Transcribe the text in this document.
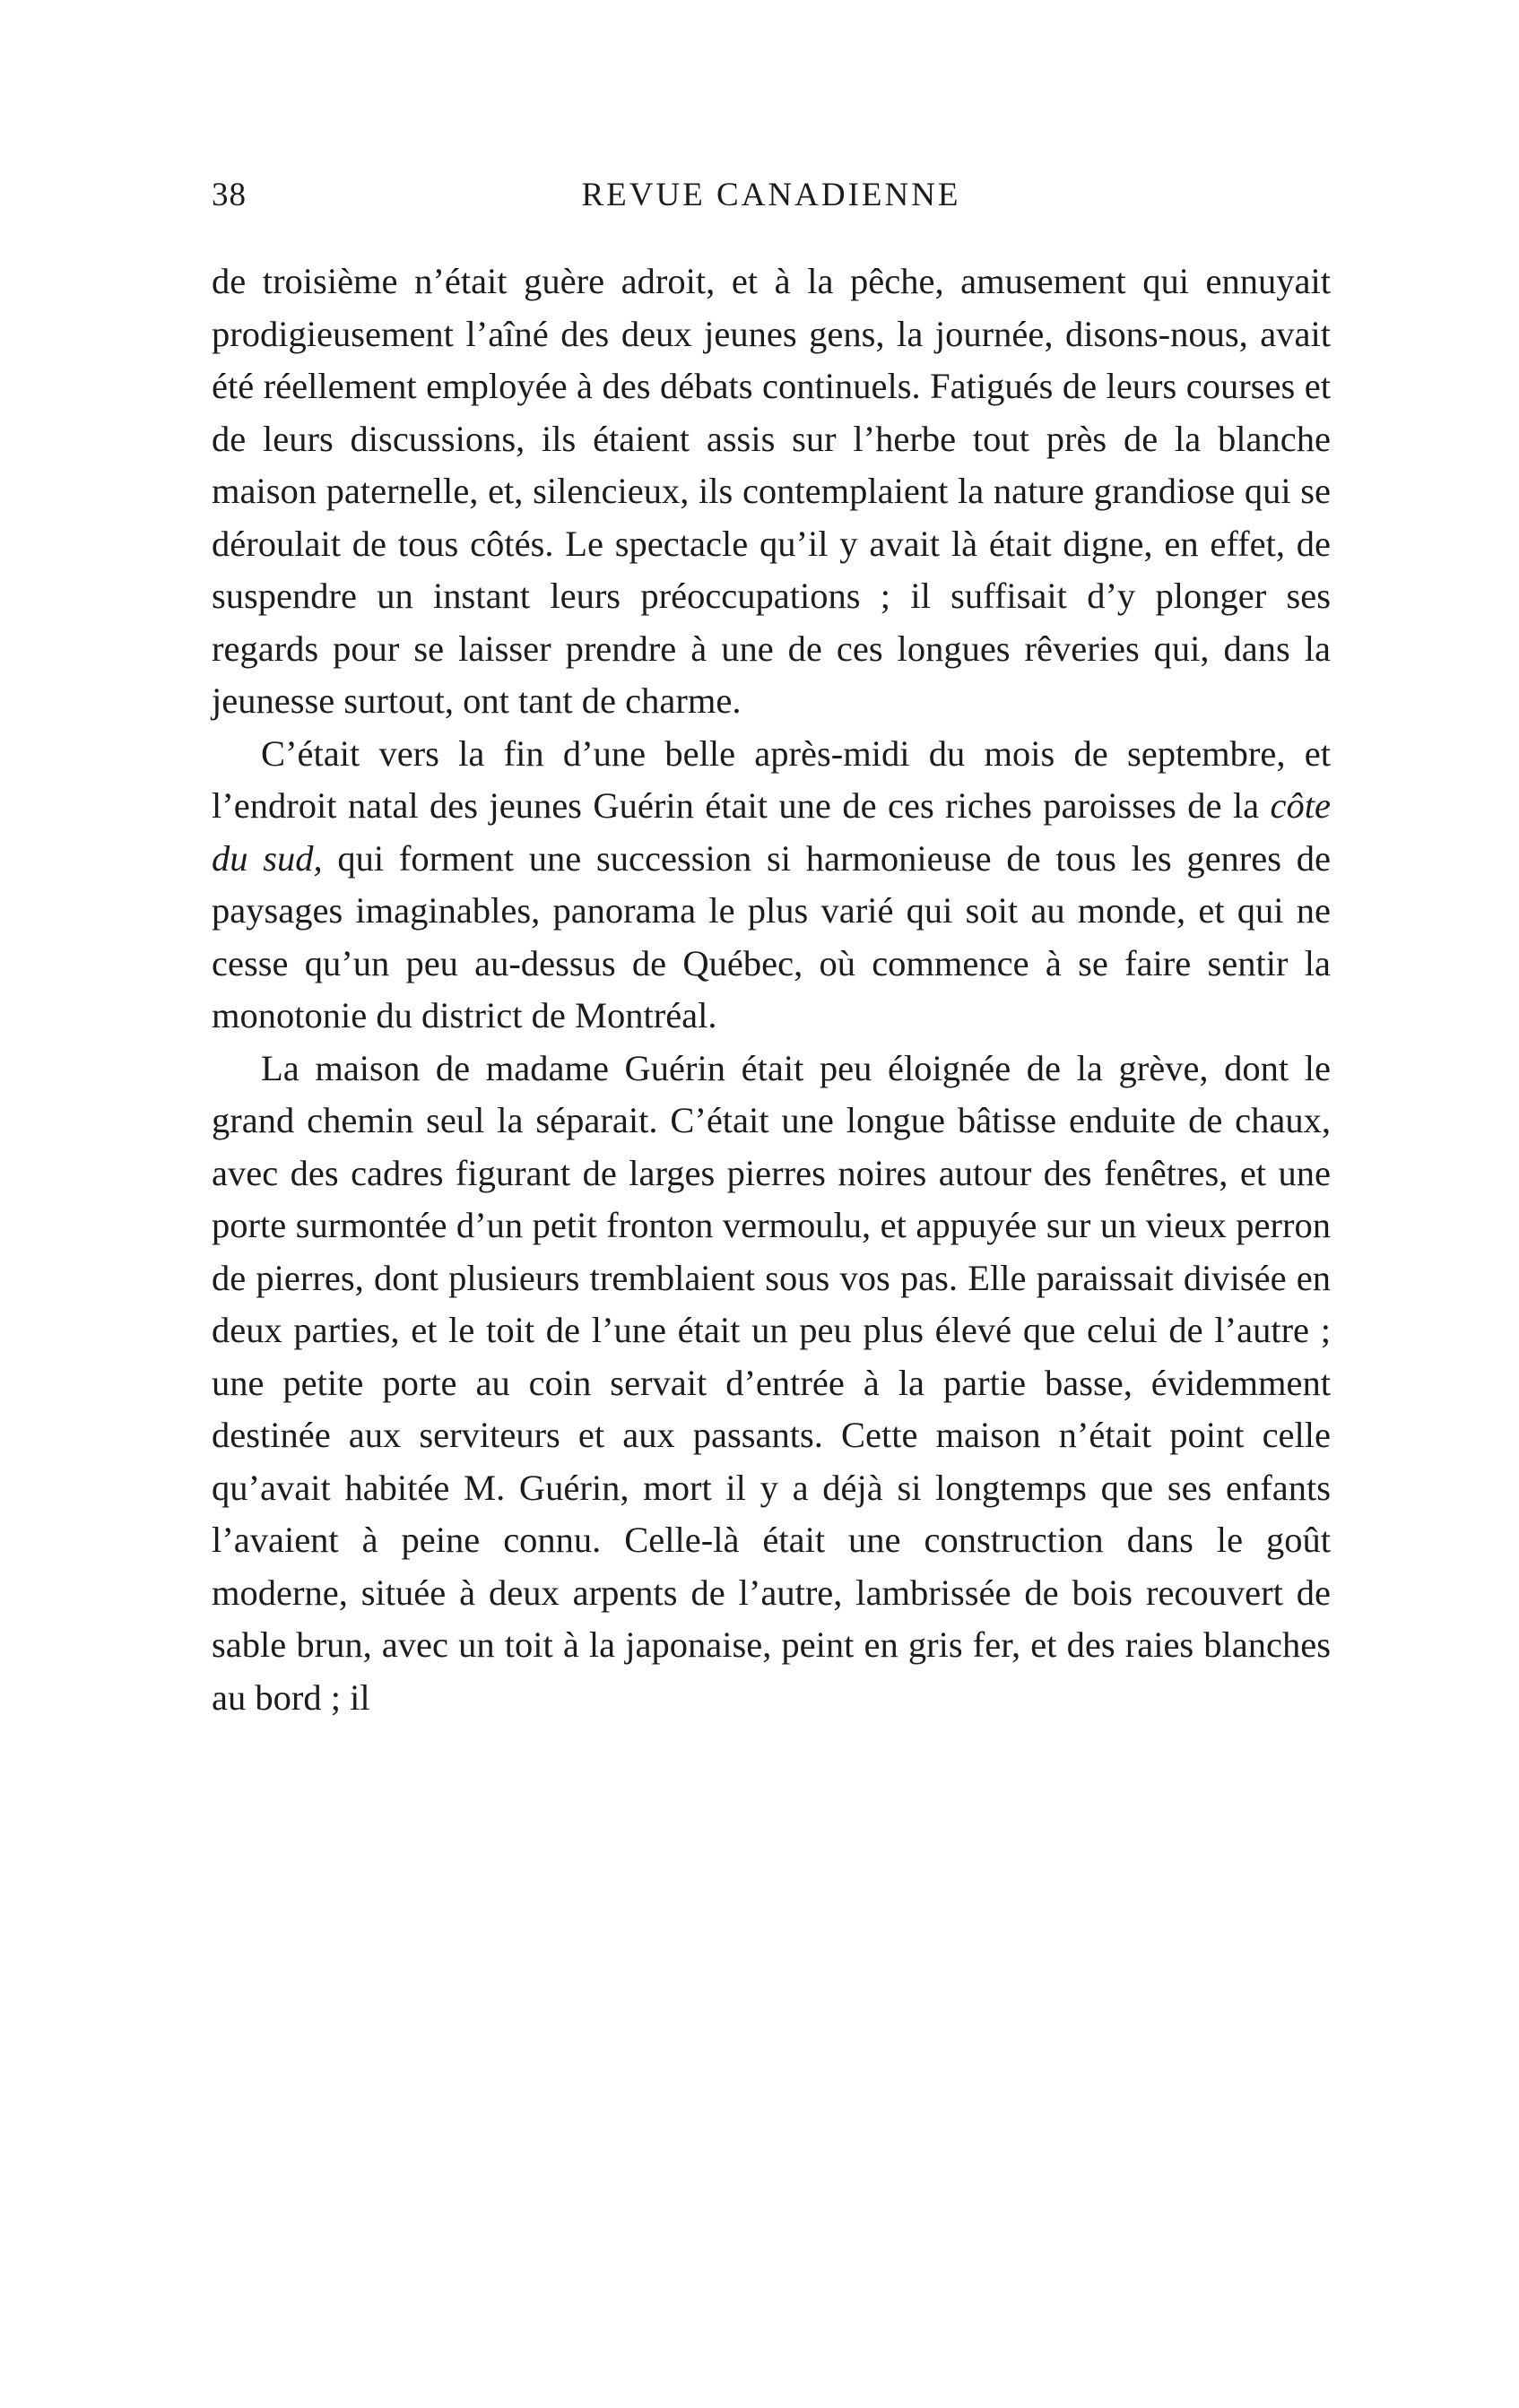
38	REVUE CANADIENNE

de troisième n’était guère adroit, et à la pêche, amusement qui ennuyait prodigieusement l’aîné des deux jeunes gens, la journée, disons-nous, avait été réellement employée à des débats continuels. Fatigués de leurs courses et de leurs discussions, ils étaient assis sur l’herbe tout près de la blanche maison paternelle, et, silencieux, ils contemplaient la nature grandiose qui se déroulait de tous côtés. Le spectacle qu’il y avait là était digne, en effet, de suspendre un instant leurs préoccupations ; il suffisait d’y plonger ses regards pour se laisser prendre à une de ces longues rêveries qui, dans la jeunesse surtout, ont tant de charme.

C’était vers la fin d’une belle après-midi du mois de septembre, et l’endroit natal des jeunes Guérin était une de ces riches paroisses de la côte du sud, qui forment une succession si harmonieuse de tous les genres de paysages imaginables, panorama le plus varié qui soit au monde, et qui ne cesse qu’un peu au-dessus de Québec, où commence à se faire sentir la monotonie du district de Montréal.

La maison de madame Guérin était peu éloignée de la grève, dont le grand chemin seul la séparait. C’était une longue bâtisse enduite de chaux, avec des cadres figurant de larges pierres noires autour des fenêtres, et une porte surmontée d’un petit fronton vermoulu, et appuyée sur un vieux perron de pierres, dont plusieurs tremblaient sous vos pas. Elle paraissait divisée en deux parties, et le toit de l’une était un peu plus élevé que celui de l’autre ; une petite porte au coin servait d’entrée à la partie basse, évidemment destinée aux serviteurs et aux passants. Cette maison n’était point celle qu’avait habitée M. Guérin, mort il y a déjà si longtemps que ses enfants l’avaient à peine connu. Celle-là était une construction dans le goût moderne, située à deux arpents de l’autre, lambrissée de bois recouvert de sable brun, avec un toit à la japonaise, peint en gris fer, et des raies blanches au bord ; il
